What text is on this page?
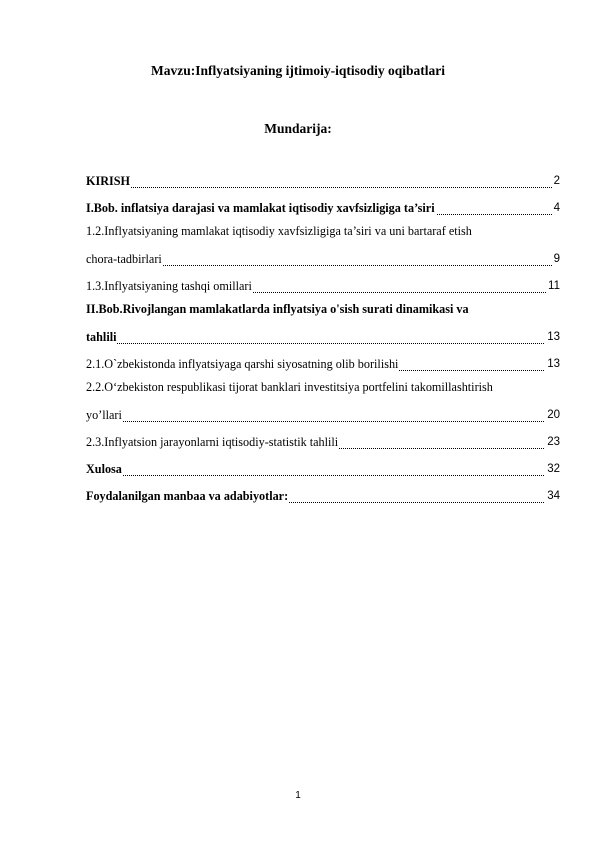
Mavzu:Inflyatsiyaning ijtimoiy-iqtisodiy oqibatlari
Mundarija:
KIRISH	2
I.Bob. inflatsiya darajasi va mamlakat iqtisodiy xavfsizligiga ta’siri	4
1.2.Inflyatsiyaning mamlakat iqtisodiy xavfsizligiga ta’siri va uni bartaraf etish
chora-tadbirlari	9
1.3.Inflyatsiyaning tashqi omillari	11
II.Bob.Rivojlangan mamlakatlarda inflyatsiya o'sish surati dinamikasi va
tahlili	13
2.1.O`zbekistonda inflyatsiyaga qarshi siyosatning olib borilishi	13
2.2.O‘zbekiston respublikasi tijorat banklari investitsiya portfelini takomillashtirish
yo’llari	20
2.3.Inflyatsion jarayonlarni iqtisodiy-statistik tahlili	23
Xulosa	32
Foydalanilgan manbaa va adabiyotlar:	34
1
